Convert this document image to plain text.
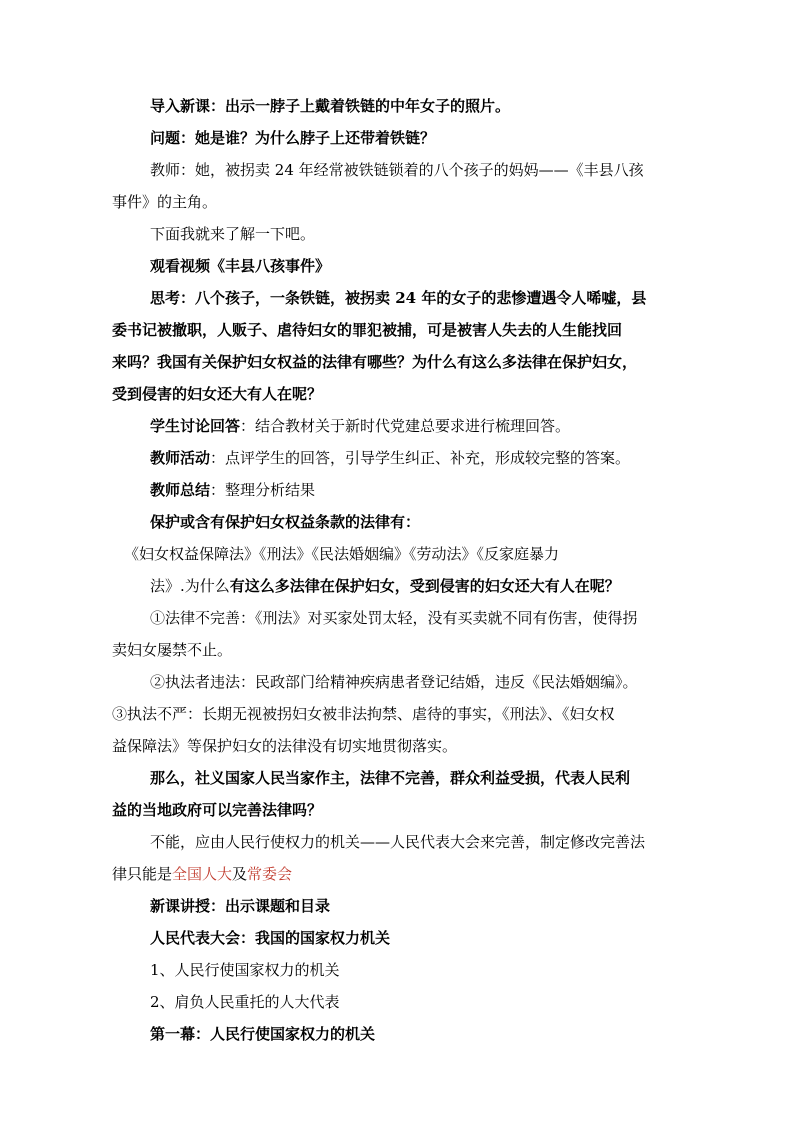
导入新课：出示一脖子上戴着铁链的中年女子的照片。
问题：她是谁？为什么脖子上还带着铁链？
教师：她，被拐卖 24 年经常被铁链锁着的八个孩子的妈妈——《丰县八孩
事件》的主角。
下面我就来了解一下吧。
观看视频《丰县八孩事件》
思考：八个孩子，一条铁链，被拐卖 24 年的女子的悲惨遭遇令人唏嘘，县
委书记被撤职，人贩子、虐待妇女的罪犯被捕，可是被害人失去的人生能找回
来吗？我国有关保护妇女权益的法律有哪些？为什么有这么多法律在保护妇女，
受到侵害的妇女还大有人在呢？
学生讨论回答：结合教材关于新时代党建总要求进行梳理回答。
教师活动：点评学生的回答，引导学生纠正、补充，形成较完整的答案。
教师总结：整理分析结果
保护或含有保护妇女权益条款的法律有：
《妇女权益保障法》《刑法》《民法婚姻编》《劳动法》《反家庭暴力
法》.为什么有这么多法律在保护妇女，受到侵害的妇女还大有人在呢？
①法律不完善：《刑法》对买家处罚太轻，没有买卖就不同有伤害，使得拐
卖妇女屡禁不止。
②执法者违法：民政部门给精神疾病患者登记结婚，违反《民法婚姻编》。
③执法不严：长期无视被拐妇女被非法拘禁、虐待的事实，《刑法》、《妇女权
益保障法》等保护妇女的法律没有切实地贯彻落实。
那么，社义国家人民当家作主，法律不完善，群众利益受损，代表人民利
益的当地政府可以完善法律吗？
不能，应由人民行使权力的机关——人民代表大会来完善，制定修改完善法
律只能是全国人大及常委会
新课讲授：出示课题和目录
人民代表大会：我国的国家权力机关
1、人民行使国家权力的机关
2、肩负人民重托的人大代表
第一幕：人民行使国家权力的机关
